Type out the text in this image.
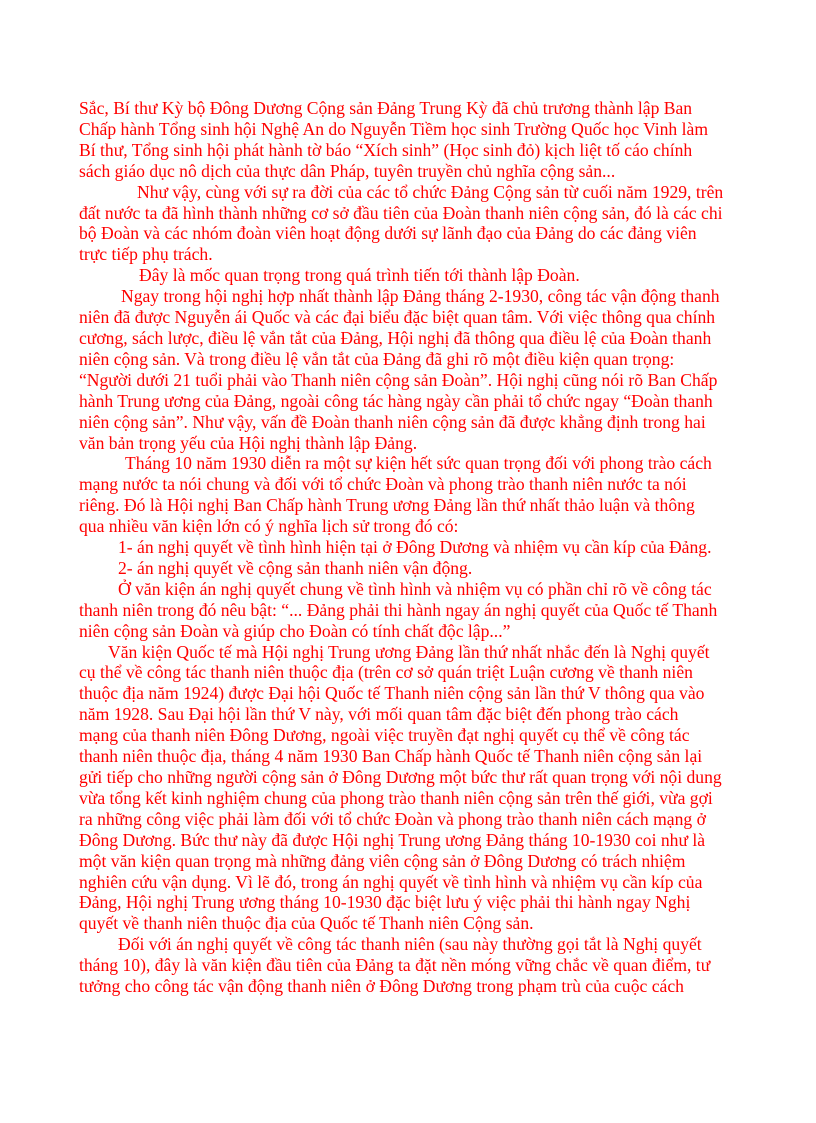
Sắc, Bí thư Kỳ bộ Đông Dương Cộng sản Đảng Trung Kỳ đã chủ trương thành lập Ban

Chấp hành Tổng sinh hội Nghệ An do Nguyễn Tiềm học sinh Trường Quốc học Vinh làm

Bí thư, Tổng sinh hội phát hành tờ báo “Xích sinh” (Học sinh đỏ) kịch liệt tố cáo chính

sách giáo dục nô dịch của thực dân Pháp, tuyên truyền chủ nghĩa cộng sản...

Như vậy, cùng với sự ra đời của các tổ chức Đảng Cộng sản từ cuối năm 1929, trên

đất nước ta đã hình thành những cơ sở đầu tiên của Đoàn thanh niên cộng sản, đó là các chi

bộ Đoàn và các nhóm đoàn viên hoạt động dưới sự lãnh đạo của Đảng do các đảng viên

trực tiếp phụ trách.

Đây là mốc quan trọng trong quá trình tiến tới thành lập Đoàn.

Ngay trong hội nghị hợp nhất thành lập Đảng tháng 2-1930, công tác vận động thanh

niên đã được Nguyễn ái Quốc và các đại biểu đặc biệt quan tâm. Với việc thông qua chính

cương, sách lược, điều lệ vắn tắt của Đảng, Hội nghị đã thông qua điều lệ của Đoàn thanh

niên cộng sản. Và trong điều lệ vắn tắt của Đảng đã ghi rõ một điều kiện quan trọng:

“Người dưới 21 tuổi phải vào Thanh niên cộng sản Đoàn”. Hội nghị cũng nói rõ Ban Chấp

hành Trung ương của Đảng, ngoài công tác hàng ngày cần phải tổ chức ngay “Đoàn thanh

niên cộng sản”. Như vậy, vấn đề Đoàn thanh niên cộng sản đã được khẳng định trong hai

văn bản trọng yếu của Hội nghị thành lập Đảng.

Tháng 10 năm 1930 diễn ra một sự kiện hết sức quan trọng đối với phong trào cách

mạng nước ta nói chung và đối với tổ chức Đoàn và phong trào thanh niên nước ta nói

riêng. Đó là Hội nghị Ban Chấp hành Trung ương Đảng lần thứ nhất thảo luận và thông

qua nhiều văn kiện lớn có ý nghĩa lịch sử trong đó có:

1- án nghị quyết về tình hình hiện tại ở Đông Dương và nhiệm vụ cần kíp của Đảng.

2- án nghị quyết về cộng sản thanh niên vận động.

Ở văn kiện án nghị quyết chung về tình hình và nhiệm vụ có phần chỉ rõ về công tác

thanh niên trong đó nêu bật: “... Đảng phải thi hành ngay án nghị quyết của Quốc tế Thanh

niên cộng sản Đoàn và giúp cho Đoàn có tính chất độc lập...”

Văn kiện Quốc tế mà Hội nghị Trung ương Đảng lần thứ nhất nhắc đến là Nghị quyết

cụ thể về công tác thanh niên thuộc địa (trên cơ sở quán triệt Luận cương về thanh niên

thuộc địa năm 1924) được Đại hội Quốc tế Thanh niên cộng sản lần thứ V thông qua vào

năm 1928. Sau Đại hội lần thứ V này, với mối quan tâm đặc biệt đến phong trào cách

mạng của thanh niên Đông Dương, ngoài việc truyền đạt nghị quyết cụ thể về công tác

thanh niên thuộc địa, tháng 4 năm 1930 Ban Chấp hành Quốc tế Thanh niên cộng sản lại

gửi tiếp cho những người cộng sản ở Đông Dương một bức thư rất quan trọng với nội dung

vừa tổng kết kinh nghiệm chung của phong trào thanh niên cộng sản trên thế giới, vừa gợi

ra những công việc phải làm đối với tổ chức Đoàn và phong trào thanh niên cách mạng ở

Đông Dương. Bức thư này đã được Hội nghị Trung ương Đảng tháng 10-1930 coi như là

một văn kiện quan trọng mà những đảng viên cộng sản ở Đông Dương có trách nhiệm

nghiên cứu vận dụng. Vì lẽ đó, trong án nghị quyết về tình hình và nhiệm vụ cần kíp của

Đảng, Hội nghị Trung ương tháng 10-1930 đặc biệt lưu ý việc phải thi hành ngay Nghị

quyết về thanh niên thuộc địa của Quốc tế Thanh niên Cộng sản.

Đối với án nghị quyết về công tác thanh niên (sau này thường gọi tắt là Nghị quyết

tháng 10), đây là văn kiện đầu tiên của Đảng ta đặt nền móng vững chắc về quan điểm, tư

tưởng cho công tác vận động thanh niên ở Đông Dương trong phạm trù của cuộc cách
